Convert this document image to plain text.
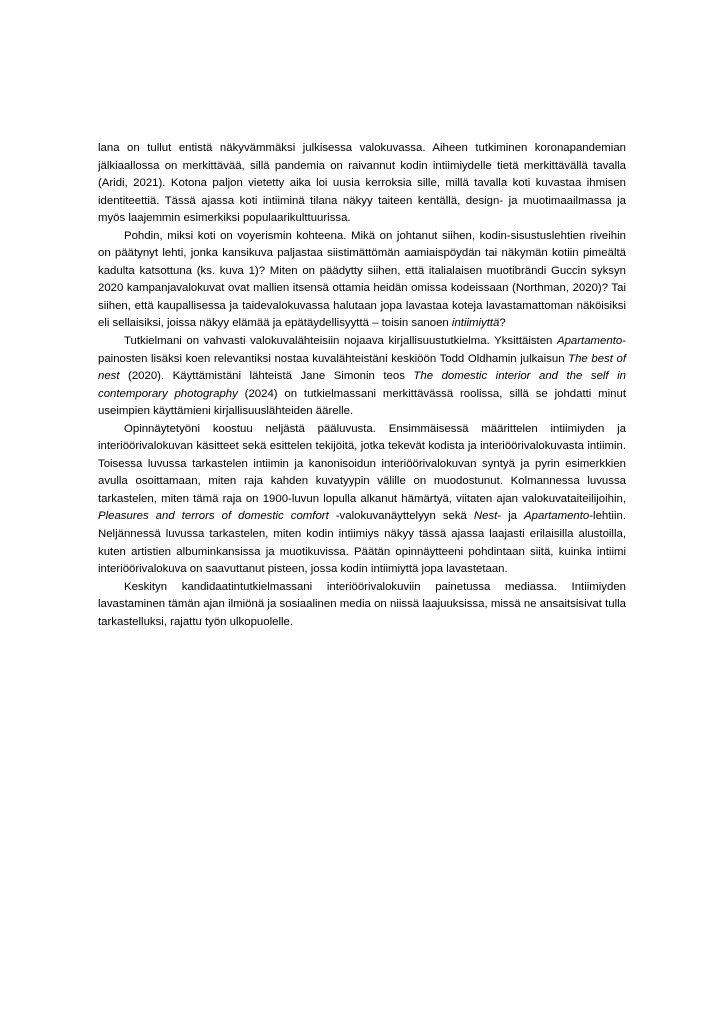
lana on tullut entistä näkyvämmäksi julkisessa valokuvassa. Aiheen tutkiminen koronapandemian jälkiaallossa on merkittävää, sillä pandemia on raivannut kodin intiimiydelle tietä merkittävällä tavalla (Aridi, 2021). Kotona paljon vietetty aika loi uusia kerroksia sille, millä tavalla koti kuvastaa ihmisen identiteettiä. Tässä ajassa koti intiiminä tilana näkyy taiteen kentällä, design- ja muotimaailmassa ja myös laajemmin esimerkiksi populaarikulttuurissa.
Pohdin, miksi koti on voyerismin kohteena. Mikä on johtanut siihen, kodin-sisustuslehtien riveihin on päätynyt lehti, jonka kansikuva paljastaa siistimättömän aamiaispöydän tai näkymän kotiin pimeältä kadulta katsottuna (ks. kuva 1)? Miten on päädytty siihen, että italialaisen muotibrändi Guccin syksyn 2020 kampanjavalokuvat ovat mallien itsensä ottamia heidän omissa kodeissaan (Northman, 2020)? Tai siihen, että kaupallisessa ja taidevalokuvassa halutaan jopa lavastaa koteja lavastamattoman näköisiksi eli sellaisiksi, joissa näkyy elämää ja epätäydellisyyttä – toisin sanoen intiimiyttä?
Tutkielmani on vahvasti valokuvalähteisiin nojaava kirjallisuustutkielma. Yksittäisten Apartamento-painosten lisäksi koen relevantiksi nostaa kuvalähteistäni keskiöön Todd Oldhamin julkaisun The best of nest (2020). Käyttämistäni lähteistä Jane Simonin teos The domestic interior and the self in contemporary photography (2024) on tutkielmassani merkittävässä roolissa, sillä se johdatti minut useimpien käyttämieni kirjallisuuslähteiden äärelle.
Opinnäytetyöni koostuu neljästä pääluvusta. Ensimmäisessä määrittelen intiimiyden ja interiöörivalokuvan käsitteet sekä esittelen tekijöitä, jotka tekevät kodista ja interiöörivalokuvasta intiimin. Toisessa luvussa tarkastelen intiimin ja kanonisoidun interiöörivalokuvan syntyä ja pyrin esimerkkien avulla osoittamaan, miten raja kahden kuvatyypin välille on muodostunut. Kolmannessa luvussa tarkastelen, miten tämä raja on 1900-luvun lopulla alkanut hämärtyä, viitaten ajan valokuvataiteilijoihin, Pleasures and terrors of domestic comfort -valokuvanäyttelyyn sekä Nest- ja Apartamento-lehtiin. Neljännessä luvussa tarkastelen, miten kodin intiimiys näkyy tässä ajassa laajasti erilaisilla alustoilla, kuten artistien albuminkansissa ja muotikuvissa. Päätän opinnäytteeni pohdintaan siitä, kuinka intiimi interiöörivalokuva on saavuttanut pisteen, jossa kodin intiimiyttä jopa lavastetaan.
Keskityn kandidaatintutkielmassani interiöörivalokuviin painetussa mediassa. Intiimiyden lavastaminen tämän ajan ilmiönä ja sosiaalinen media on niissä laajuuksissa, missä ne ansaitsisivat tulla tarkastelluksi, rajattu työn ulkopuolelle.
